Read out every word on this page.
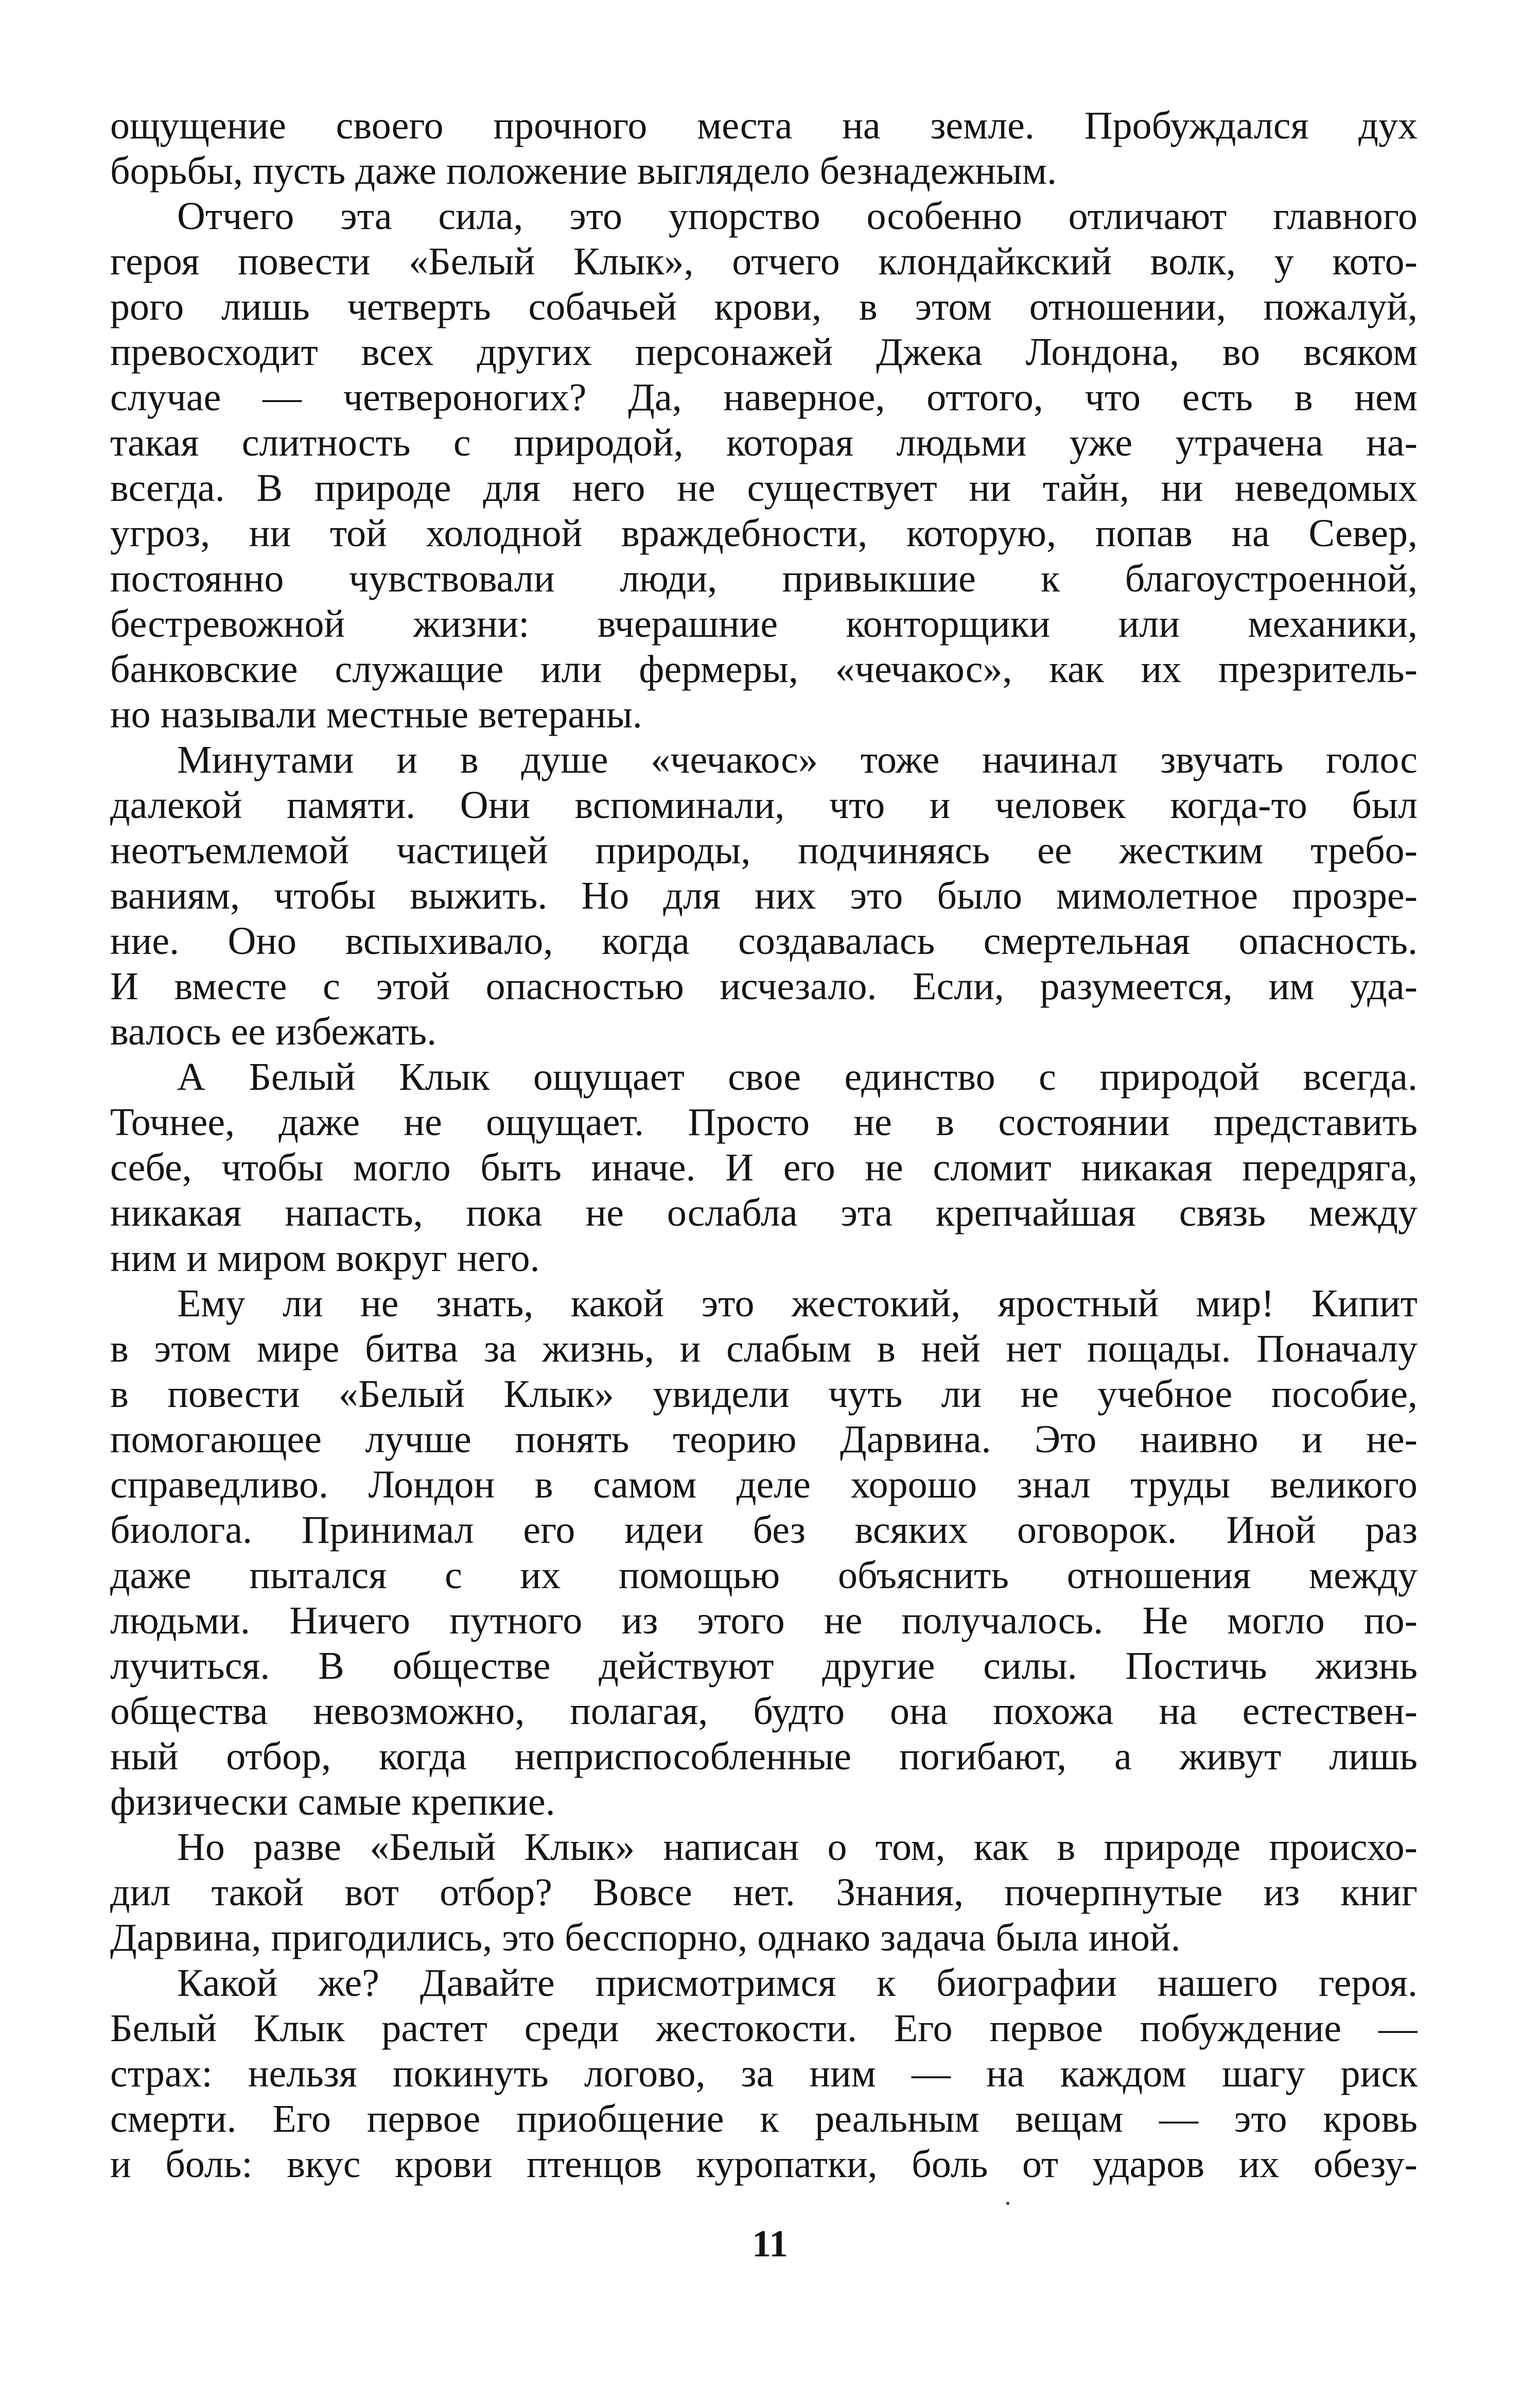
ощущение своего прочного места на земле. Пробуждался дух
борьбы, пусть даже положение выглядело безнадежным.
Отчего эта сила, это упорство особенно отличают главного
героя повести «Белый Клык», отчего клондайкский волк, у кото-
рого лишь четверть собачьей крови, в этом отношении, пожалуй,
превосходит всех других персонажей Джека Лондона, во всяком
случае — четвероногих? Да, наверное, оттого, что есть в нем
такая слитность с природой, которая людьми уже утрачена на-
всегда. В природе для него не существует ни тайн, ни неведомых
угроз, ни той холодной враждебности, которую, попав на Север,
постоянно чувствовали люди, привыкшие к благоустроенной,
бестревожной жизни: вчерашние конторщики или механики,
банковские служащие или фермеры, «чечакос», как их презритель-
но называли местные ветераны.
Минутами и в душе «чечакос» тоже начинал звучать голос
далекой памяти. Они вспоминали, что и человек когда-то был
неотъемлемой частицей природы, подчиняясь ее жестким требо-
ваниям, чтобы выжить. Но для них это было мимолетное прозре-
ние. Оно вспыхивало, когда создавалась смертельная опасность.
И вместе с этой опасностью исчезало. Если, разумеется, им уда-
валось ее избежать.
А Белый Клык ощущает свое единство с природой всегда.
Точнее, даже не ощущает. Просто не в состоянии представить
себе, чтобы могло быть иначе. И его не сломит никакая передряга,
никакая напасть, пока не ослабла эта крепчайшая связь между
ним и миром вокруг него.
Ему ли не знать, какой это жестокий, яростный мир! Кипит
в этом мире битва за жизнь, и слабым в ней нет пощады. Поначалу
в повести «Белый Клык» увидели чуть ли не учебное пособие,
помогающее лучше понять теорию Дарвина. Это наивно и не-
справедливо. Лондон в самом деле хорошо знал труды великого
биолога. Принимал его идеи без всяких оговорок. Иной раз
даже пытался с их помощью объяснить отношения между
людьми. Ничего путного из этого не получалось. Не могло по-
лучиться. В обществе действуют другие силы. Постичь жизнь
общества невозможно, полагая, будто она похожа на естествен-
ный отбор, когда неприспособленные погибают, а живут лишь
физически самые крепкие.
Но разве «Белый Клык» написан о том, как в природе происхо-
дил такой вот отбор? Вовсе нет. Знания, почерпнутые из книг
Дарвина, пригодились, это бесспорно, однако задача была иной.
Какой же? Давайте присмотримся к биографии нашего героя.
Белый Клык растет среди жестокости. Его первое побуждение —
страх: нельзя покинуть логово, за ним — на каждом шагу риск
смерти. Его первое приобщение к реальным вещам — это кровь
и боль: вкус крови птенцов куропатки, боль от ударов их обезу-
11
